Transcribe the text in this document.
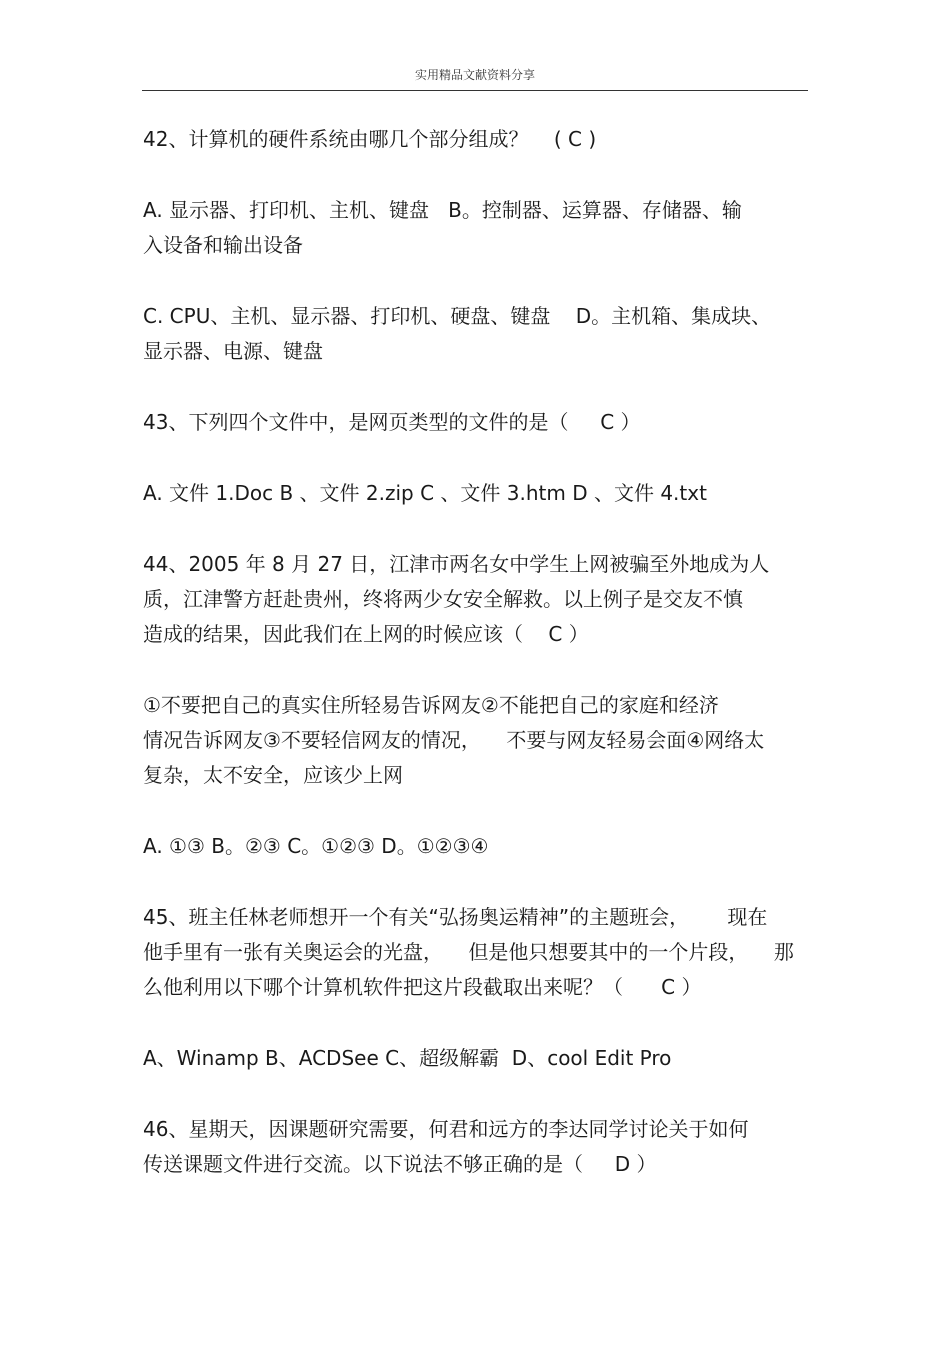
实用精品文献资料分享
42、计算机的硬件系统由哪几个部分组成？    ( C )
A. 显示器、打印机、主机、键盘   B。控制器、运算器、存储器、输
入设备和输出设备
C. CPU、主机、显示器、打印机、硬盘、键盘    D。主机箱、集成块、
显示器、电源、键盘
43、下列四个文件中，是网页类型的文件的是（     C ）
A. 文件 1.Doc B 、文件 2.zip C 、文件 3.htm D 、文件 4.txt
44、2005 年 8 月 27 日，江津市两名女中学生上网被骗至外地成为人
质，江津警方赶赴贵州，终将两少女安全解救。以上例子是交友不慎
造成的结果，因此我们在上网的时候应该（    C ）
①不要把自己的真实住所轻易告诉网友②不能把自己的家庭和经济
情况告诉网友③不要轻信网友的情况，    不要与网友轻易会面④网络太
复杂，太不安全，应该少上网
A. ①③ B。②③ C。①②③ D。①②③④
45、班主任林老师想开一个有关“弘扬奥运精神”的主题班会，      现在
他手里有一张有关奥运会的光盘，    但是他只想要其中的一个片段，    那
么他利用以下哪个计算机软件把这片段截取出来呢？（      C ）
A、Winamp B、ACDSee C、超级解霸  D、cool Edit Pro
46、星期天，因课题研究需要，何君和远方的李达同学讨论关于如何
传送课题文件进行交流。以下说法不够正确的是（     D ）
